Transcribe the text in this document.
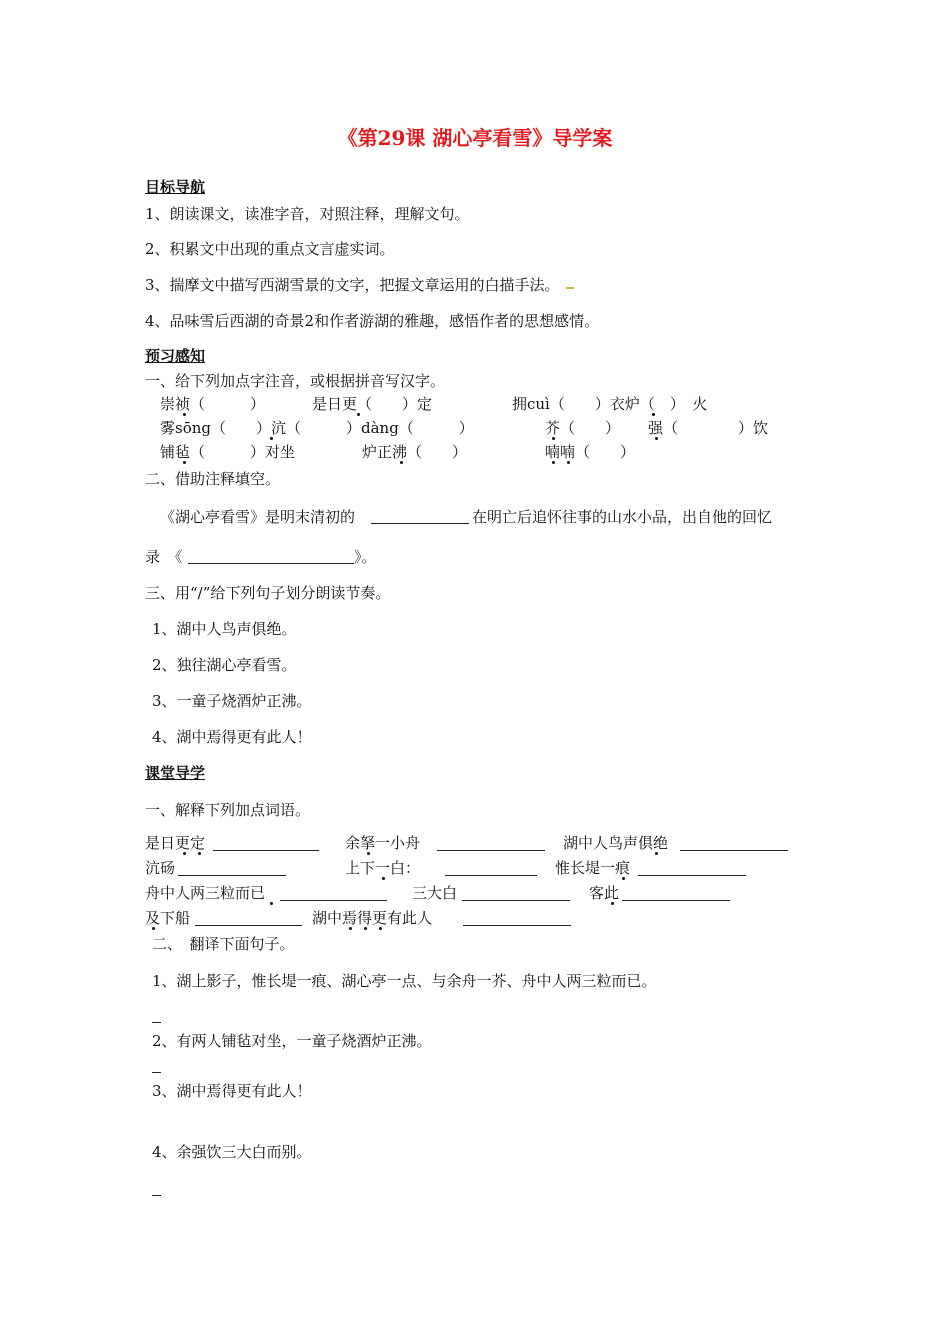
《第29课 湖心亭看雪》导学案
目标导航
1、朗读课文，读准字音，对照注释，理解文句。
2、积累文中出现的重点文言虚实词。
3、揣摩文中描写西湖雪景的文字，把握文章运用的白描手法。
4、品味雪后西湖的奇景2和作者游湖的雅趣，感悟作者的思想感情。
预习感知
一、给下列加点字注音，或根据拼音写汉字。
崇祯（　　　）	是日更（　　）定	拥cuì（　　）衣炉（　）　火
雾sōng（　　）沆（　　　）dàng（　　　）	芥（　　） 强（　　　　）饮
铺毡（　　　）对坐	炉正沸（　　）	喃喃（　　）
二、借助注释填空。
《湖心亭看雪》是明末清初的	在明亡后追怀往事的山水小品，出自他的回忆
录　《	》。
三、用“/”给下列句子划分朗读节奏。
1、湖中人鸟声俱绝。
2、独往湖心亭看雪。
3、一童子烧酒炉正沸。
4、湖中焉得更有此人！
课堂导学
一、解释下列加点词语。
是日更定	余拏一小舟	湖中人鸟声俱绝
沆砀	上下一白：	惟长堤一痕
舟中人两三粒而已	三大白	客此
及下船	湖中焉得更有此人
二、　翻译下面句子。
1、湖上影子，惟长堤一痕、湖心亭一点、与余舟一芥、舟中人两三粒而已。
2、有两人铺毡对坐，一童子烧酒炉正沸。
3、湖中焉得更有此人！
4、余强饮三大白而别。
